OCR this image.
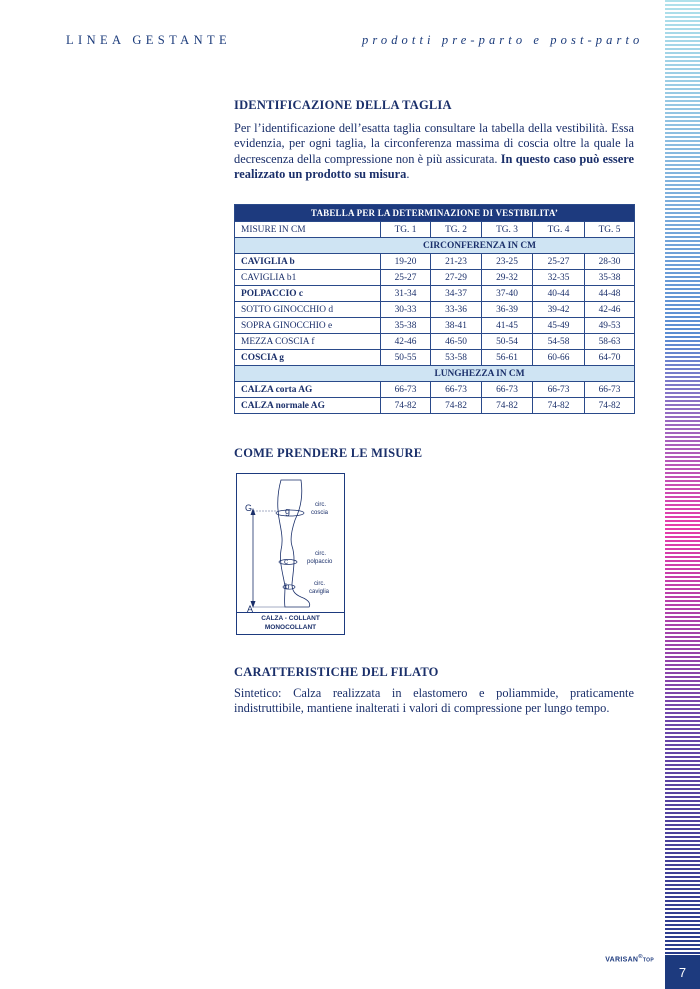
LINEA GESTANTE	prodotti pre-parto e post-parto
IDENTIFICAZIONE DELLA TAGLIA

Per l’identificazione dell’esatta taglia consultare la tabella della vestibilità. Essa evidenzia, per ogni taglia, la circonferenza massima di coscia oltre la quale la decrescenza della compressione non è più assicurata. In questo caso può essere realizzato un prodotto su misura.

TABELLA PER LA DETERMINAZIONE DI VESTIBILITA’					
MISURE IN CM	TG. 1	TG. 2	TG. 3	TG. 4	TG. 5
CIRCONFERENZA IN CM					
CAVIGLIA b	19-20	21-23	23-25	25-27	28-30
CAVIGLIA b1	25-27	27-29	29-32	32-35	35-38
POLPACCIO c	31-34	34-37	37-40	40-44	44-48
SOTTO GINOCCHIO d	30-33	33-36	36-39	39-42	42-46
SOPRA GINOCCHIO e	35-38	38-41	41-45	45-49	49-53
MEZZA COSCIA f	42-46	46-50	50-54	54-58	58-63
COSCIA g	50-55	53-58	56-61	60-66	64-70
LUNGHEZZA IN CM					
CALZA corta AG	66-73	66-73	66-73	66-73	66-73
CALZA normale AG	74-82	74-82	74-82	74-82	74-82
COME PRENDERE LE MISURE
G
A
g
c
b
circ.
coscia
circ.
polpaccio
circ.
caviglia
CALZA - COLLANT
MONOCOLLANT
CARATTERISTICHE DEL FILATO

Sintetico: Calza realizzata in elastomero e poliammide, praticamente indistruttibile, mantiene inalterati i valori di compressione per lungo tempo.

VARISAN®TOP
7
